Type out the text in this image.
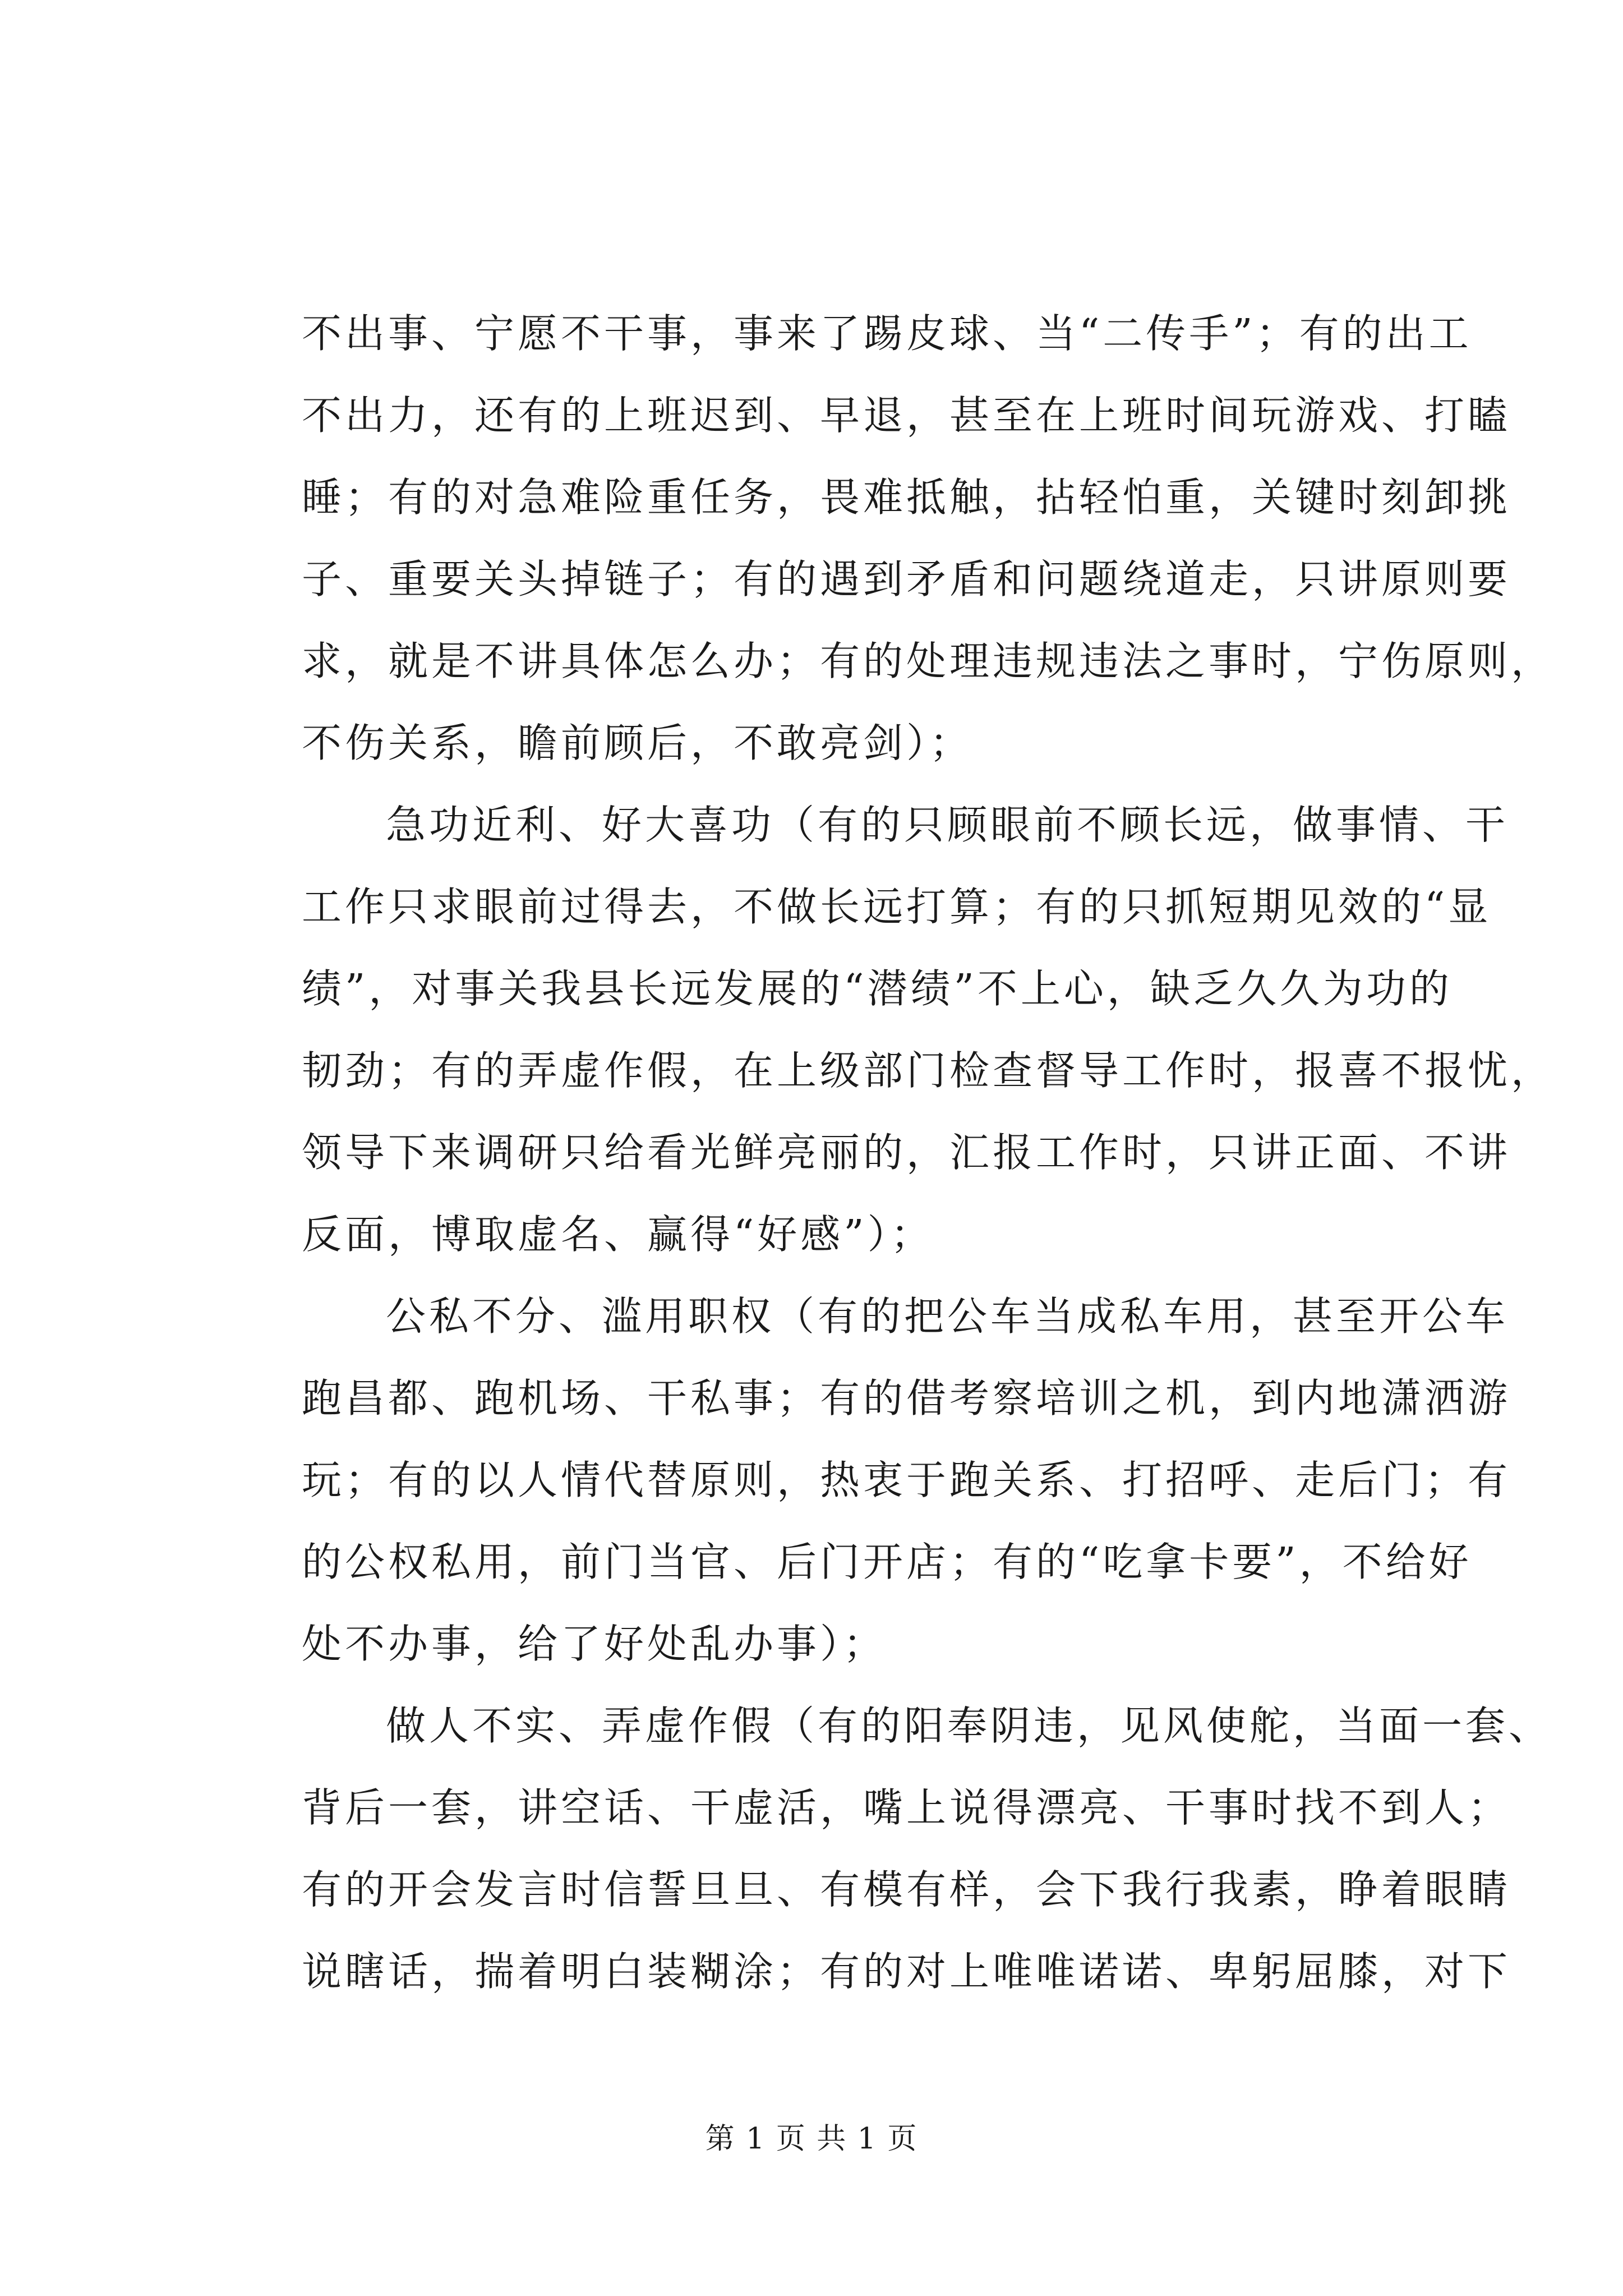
不出事、宁愿不干事，事来了踢皮球、当“二传手”；有的出工
不出力，还有的上班迟到、早退，甚至在上班时间玩游戏、打瞌
睡；有的对急难险重任务，畏难抵触，拈轻怕重，关键时刻卸挑
子、重要关头掉链子；有的遇到矛盾和问题绕道走，只讲原则要
求，就是不讲具体怎么办；有的处理违规违法之事时，宁伤原则，
不伤关系，瞻前顾后，不敢亮剑）；
急功近利、好大喜功（有的只顾眼前不顾长远，做事情、干
工作只求眼前过得去，不做长远打算；有的只抓短期见效的“显
绩”，对事关我县长远发展的“潜绩”不上心，缺乏久久为功的
韧劲；有的弄虚作假，在上级部门检查督导工作时，报喜不报忧，
领导下来调研只给看光鲜亮丽的，汇报工作时，只讲正面、不讲
反面，博取虚名、赢得“好感”）；
公私不分、滥用职权（有的把公车当成私车用，甚至开公车
跑昌都、跑机场、干私事；有的借考察培训之机，到内地潇洒游
玩；有的以人情代替原则，热衷于跑关系、打招呼、走后门；有
的公权私用，前门当官、后门开店；有的“吃拿卡要”，不给好
处不办事，给了好处乱办事）；
做人不实、弄虚作假（有的阳奉阴违，见风使舵，当面一套、
背后一套，讲空话、干虚活，嘴上说得漂亮、干事时找不到人；
有的开会发言时信誓旦旦、有模有样，会下我行我素，睁着眼睛
说瞎话，揣着明白装糊涂；有的对上唯唯诺诺、卑躬屈膝，对下
第 1 页 共 1 页
